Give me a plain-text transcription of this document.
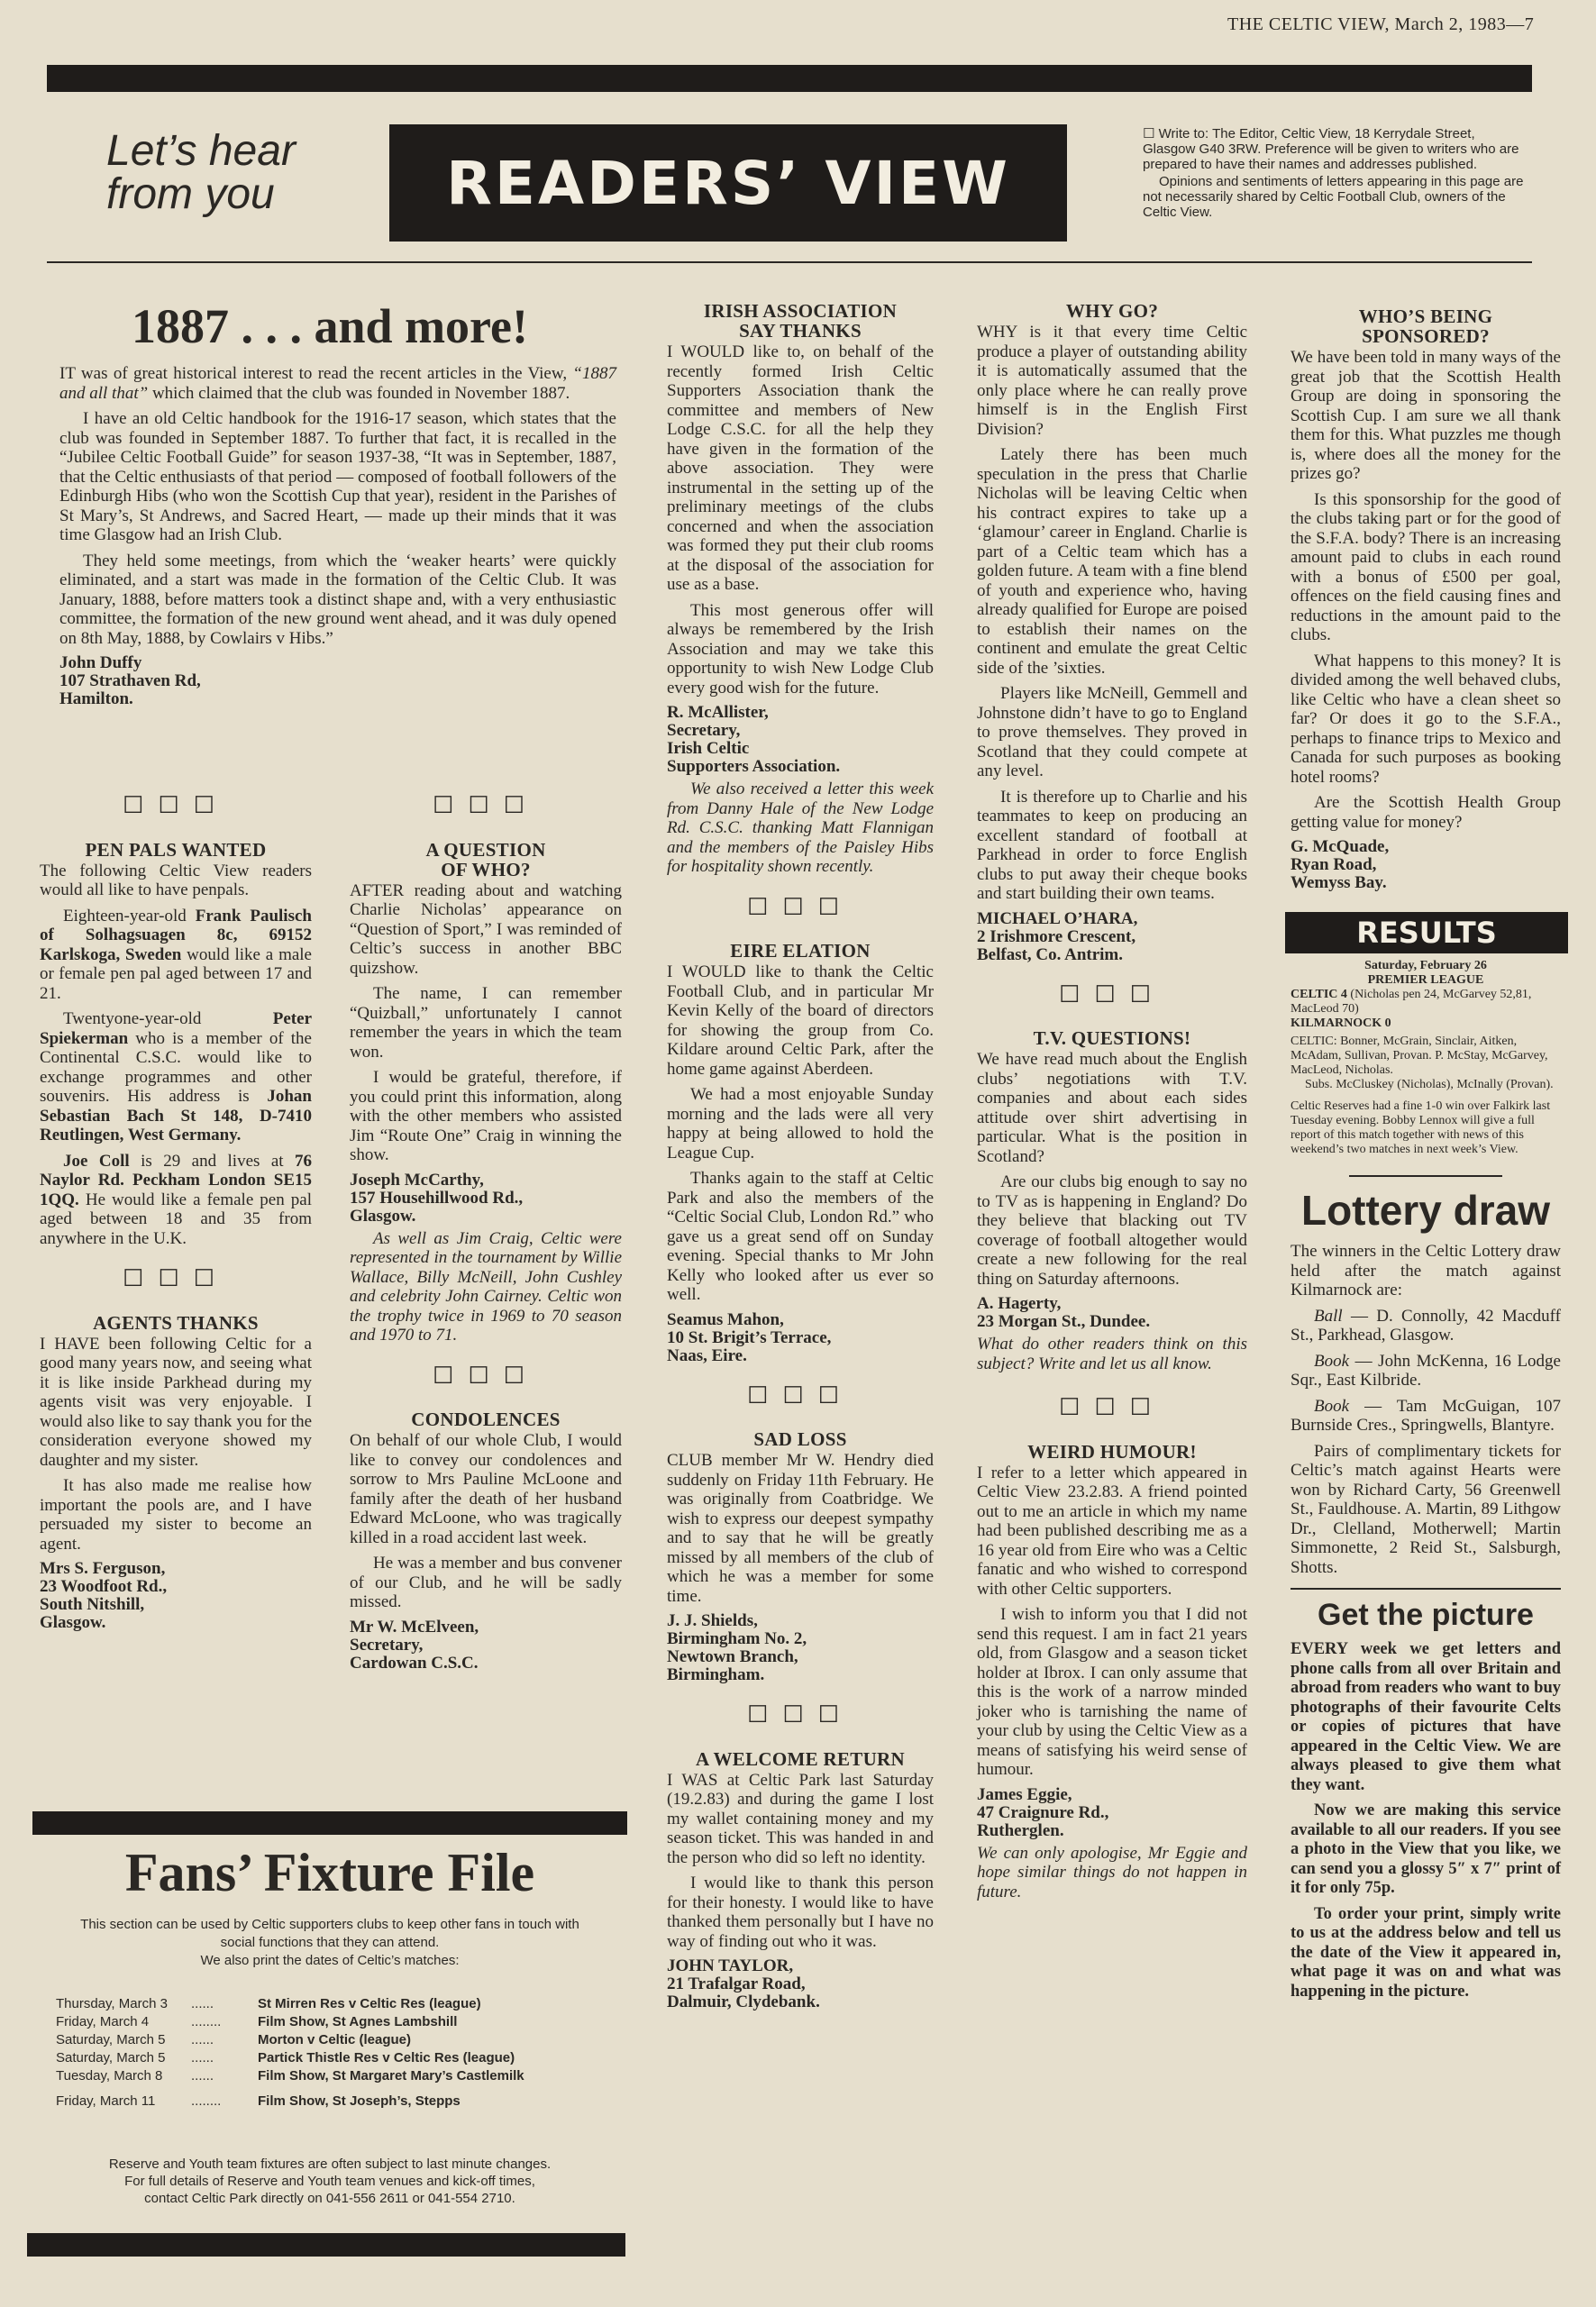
THE CELTIC VIEW, March 2, 1983—7
Let’s hear
from you	READERS’ VIEW
☐ Write to: The Editor, Celtic View, 18 Kerrydale Street, Glasgow G40 3RW. Preference will be given to writers who are prepared to have their names and addresses published.
Opinions and sentiments of letters appearing in this page are not necessarily shared by Celtic Football Club, owners of the Celtic View.
1887 . . . and more!

IT was of great historical interest to read the recent articles in the View, “1887 and all that” which claimed that the club was founded in November 1887.

I have an old Celtic handbook for the 1916-17 season, which states that the club was founded in September 1887. To further that fact, it is recalled in the “Jubilee Celtic Football Guide” for season 1937-38, “It was in September, 1887, that the Celtic enthusiasts of that period — composed of football followers of the Edinburgh Hibs (who won the Scottish Cup that year), resident in the Parishes of St Mary’s, St Andrews, and Sacred Heart, — made up their minds that it was time Glasgow had an Irish Club.

They held some meetings, from which the ‘weaker hearts’ were quickly eliminated, and a start was made in the formation of the Celtic Club. It was January, 1888, before matters took a distinct shape and, with a very enthusiastic committee, the formation of the new ground went ahead, and it was duly opened on 8th May, 1888, by Cowlairs v Hibs.”

John Duffy
107 Strathaven Rd,
Hamilton.
☐☐☐
PEN PALS WANTED

The following Celtic View readers would all like to have penpals.

Eighteen-year-old Frank Paulisch of Solhagsuagen 8c, 69152 Karlskoga, Sweden would like a male or female pen pal aged between 17 and 21.

Twentyone-year-old Peter Spiekerman who is a member of the Continental C.S.C. would like to exchange programmes and other souvenirs. His address is Johan Sebastian Bach St 148, D-7410 Reutlingen, West Germany.

Joe Coll is 29 and lives at 76 Naylor Rd. Peckham London SE15 1QQ. He would like a female pen pal aged between 18 and 35 from anywhere in the U.K.

☐☐☐
AGENTS THANKS

I HAVE been following Celtic for a good many years now, and seeing what it is like inside Parkhead during my agents visit was very enjoyable. I would also like to say thank you for the consideration everyone showed my daughter and my sister.

It has also made me realise how important the pools are, and I have persuaded my sister to become an agent.

Mrs S. Ferguson,
23 Woodfoot Rd.,
South Nitshill,
Glasgow.
☐☐☐
A QUESTION
OF WHO?

AFTER reading about and watching Charlie Nicholas’ appearance on “Question of Sport,” I was reminded of Celtic’s success in another BBC quizshow.

The name, I can remember “Quizball,” unfortunately I cannot remember the years in which the team won.

I would be grateful, therefore, if you could print this information, along with the other members who assisted Jim “Route One” Craig in winning the show.

Joseph McCarthy,
157 Househillwood Rd.,
Glasgow.

As well as Jim Craig, Celtic were represented in the tournament by Willie Wallace, Billy McNeill, John Cushley and celebrity John Cairney. Celtic won the trophy twice in 1969 to 70 season and 1970 to 71.

☐☐☐
CONDOLENCES

On behalf of our whole Club, I would like to convey our condolences and sorrow to Mrs Pauline McLoone and family after the death of her husband Edward McLoone, who was tragically killed in a road accident last week.

He was a member and bus convener of our Club, and he will be sadly missed.

Mr W. McElveen,
Secretary,
Cardowan C.S.C.
IRISH ASSOCIATION
SAY THANKS

I WOULD like to, on behalf of the recently formed Irish Celtic Supporters Association thank the committee and members of New Lodge C.S.C. for all the help they have given in the formation of the above association. They were instrumental in the setting up of the preliminary meetings of the clubs concerned and when the association was formed they put their club rooms at the disposal of the association for use as a base.

This most generous offer will always be remembered by the Irish Association and may we take this opportunity to wish New Lodge Club every good wish for the future.

R. McAllister,
Secretary,
Irish Celtic
Supporters Association.

We also received a letter this week from Danny Hale of the New Lodge Rd. C.S.C. thanking Matt Flannigan and the members of the Paisley Hibs for hospitality shown recently.

☐☐☐
EIRE ELATION

I WOULD like to thank the Celtic Football Club, and in particular Mr Kevin Kelly of the board of directors for showing the group from Co. Kildare around Celtic Park, after the home game against Aberdeen.

We had a most enjoyable Sunday morning and the lads were all very happy at being allowed to hold the League Cup.

Thanks again to the staff at Celtic Park and also the members of the “Celtic Social Club, London Rd.” who gave us a great send off on Sunday evening. Special thanks to Mr John Kelly who looked after us ever so well.

Seamus Mahon,
10 St. Brigit’s Terrace,
Naas, Eire.
☐☐☐
SAD LOSS

CLUB member Mr W. Hendry died suddenly on Friday 11th February. He was originally from Coatbridge. We wish to express our deepest sympathy and to say that he will be greatly missed by all members of the club of which he was a member for some time.

J. J. Shields,
Birmingham No. 2,
Newtown Branch,
Birmingham.
☐☐☐
A WELCOME RETURN

I WAS at Celtic Park last Saturday (19.2.83) and during the game I lost my wallet containing money and my season ticket. This was handed in and the person who did so left no identity.

I would like to thank this person for their honesty. I would like to have thanked them personally but I have no way of finding out who it was.

JOHN TAYLOR,
21 Trafalgar Road,
Dalmuir, Clydebank.
WHY GO?

WHY is it that every time Celtic produce a player of outstanding ability it is automatically assumed that the only place where he can really prove himself is in the English First Division?

Lately there has been much speculation in the press that Charlie Nicholas will be leaving Celtic when his contract expires to take up a ‘glamour’ career in England. Charlie is part of a Celtic team which has a golden future. A team with a fine blend of youth and experience who, having already qualified for Europe are poised to establish their names on the continent and emulate the great Celtic side of the ’sixties.

Players like McNeill, Gemmell and Johnstone didn’t have to go to England to prove themselves. They proved in Scotland that they could compete at any level.

It is therefore up to Charlie and his teammates to keep on producing an excellent standard of football at Parkhead in order to force English clubs to put away their cheque books and start building their own teams.

MICHAEL O’HARA,
2 Irishmore Crescent,
Belfast, Co. Antrim.
☐☐☐
T.V. QUESTIONS!

We have read much about the English clubs’ negotiations with T.V. companies and about each sides attitude over shirt advertising in particular. What is the position in Scotland?

Are our clubs big enough to say no to TV as is happening in England? Do they believe that blacking out TV coverage of football altogether would create a new following for the real thing on Saturday afternoons.

A. Hagerty,
23 Morgan St., Dundee.

What do other readers think on this subject? Write and let us all know.

☐☐☐
WEIRD HUMOUR!

I refer to a letter which appeared in Celtic View 23.2.83. A friend pointed out to me an article in which my name had been published describing me as a 16 year old from Eire who was a Celtic fanatic and who wished to correspond with other Celtic supporters.

I wish to inform you that I did not send this request. I am in fact 21 years old, from Glasgow and a season ticket holder at Ibrox. I can only assume that this is the work of a narrow minded joker who is tarnishing the name of your club by using the Celtic View as a means of satisfying his weird sense of humour.

James Eggie,
47 Craignure Rd.,
Rutherglen.

We can only apologise, Mr Eggie and hope similar things do not happen in future.

WHO’S BEING
SPONSORED?

We have been told in many ways of the great job that the Scottish Health Group are doing in sponsoring the Scottish Cup. I am sure we all thank them for this. What puzzles me though is, where does all the money for the prizes go?

Is this sponsorship for the good of the clubs taking part or for the good of the S.F.A. body? There is an increasing amount paid to clubs in each round with a bonus of £500 per goal, offences on the field causing fines and reductions in the amount paid to the clubs.

What happens to this money? It is divided among the well behaved clubs, like Celtic who have a clean sheet so far? Or does it go to the S.F.A., perhaps to finance trips to Mexico and Canada for such purposes as booking hotel rooms?

Are the Scottish Health Group getting value for money?

G. McQuade,
Ryan Road,
Wemyss Bay.
RESULTS
Saturday, February 26
PREMIER LEAGUE
CELTIC 4 (Nicholas pen 24, McGarvey 52,81, MacLeod 70)
KILMARNOCK 0
CELTIC: Bonner, McGrain, Sinclair, Aitken, McAdam, Sullivan, Provan. P. McStay, McGarvey, MacLeod, Nicholas.
Subs. McCluskey (Nicholas), McInally (Provan).
Celtic Reserves had a fine 1-0 win over Falkirk last Tuesday evening. Bobby Lennox will give a full report of this match together with news of this weekend’s two matches in next week’s View.
Lottery draw

The winners in the Celtic Lottery draw held after the match against Kilmarnock are:

Ball — D. Connolly, 42 Macduff St., Parkhead, Glasgow.

Book — John McKenna, 16 Lodge Sqr., East Kilbride.

Book — Tam McGuigan, 107 Burnside Cres., Springwells, Blantyre.

Pairs of complimentary tickets for Celtic’s match against Hearts were won by Richard Carty, 56 Greenwell St., Fauldhouse. A. Martin, 89 Lithgow Dr., Clelland, Motherwell; Martin Simmonette, 2 Reid St., Salsburgh, Shotts.

Get the picture

EVERY week we get letters and phone calls from all over Britain and abroad from readers who want to buy photographs of their favourite Celts or copies of pictures that have appeared in the Celtic View. We are always pleased to give them what they want.

Now we are making this service available to all our readers. If you see a photo in the View that you like, we can send you a glossy 5″ x 7″ print of it for only 75p.

To order your print, simply write to us at the address below and tell us the date of the View it appeared in, what page it was on and what was happening in the picture.

Fans’ Fixture File
This section can be used by Celtic supporters clubs to keep other fans in touch with social functions that they can attend.
We also print the dates of Celtic’s matches:
Thursday, March 3	......	St Mirren Res v Celtic Res (league)
Friday, March 4	........	Film Show, St Agnes Lambshill
Saturday, March 5	......	Morton v Celtic (league)
Saturday, March 5	......	Partick Thistle Res v Celtic Res (league)
Tuesday, March 8	......	Film Show, St Margaret Mary’s Castlemilk
Friday, March 11	........	Film Show, St Joseph’s, Stepps
Reserve and Youth team fixtures are often subject to last minute changes.
For full details of Reserve and Youth team venues and kick-off times,
contact Celtic Park directly on 041-556 2611 or 041-554 2710.
